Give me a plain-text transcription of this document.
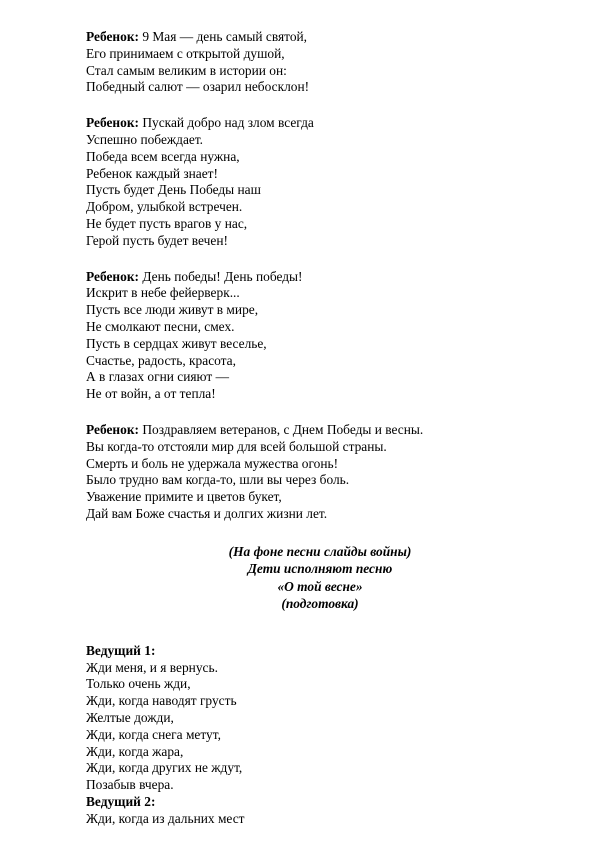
Ребенок: 9 Мая — день самый святой,
Его принимаем с открытой душой,
Стал самым великим в истории он:
Победный салют — озарил небосклон!
Ребенок: Пускай добро над злом всегда
Успешно побеждает.
Победа всем всегда нужна,
Ребенок каждый знает!
Пусть будет День Победы наш
Добром, улыбкой встречен.
Не будет пусть врагов у нас,
Герой пусть будет вечен!
Ребенок: День победы! День победы!
Искрит в небе фейерверк...
Пусть все люди живут в мире,
Не смолкают песни, смех.
Пусть в сердцах живут веселье,
Счастье, радость, красота,
А в глазах огни сияют —
Не от войн, а от тепла!
Ребенок: Поздравляем ветеранов, с Днем Победы и весны.
Вы когда-то отстояли мир для всей большой страны.
Смерть и боль не удержала мужества огонь!
Было трудно вам когда-то, шли вы через боль.
Уважение примите и цветов букет,
Дай вам Боже счастья и долгих жизни лет.
(На фоне песни слайды войны)
Дети исполняют песню
«О той весне»
(подготовка)
Ведущий 1:
Жди меня, и я вернусь.
Только очень жди,
Жди, когда наводят грусть
Желтые дожди,
Жди, когда снега метут,
Жди, когда жара,
Жди, когда других не ждут,
Позабыв вчера.
Ведущий 2:
Жди, когда из дальних мест
